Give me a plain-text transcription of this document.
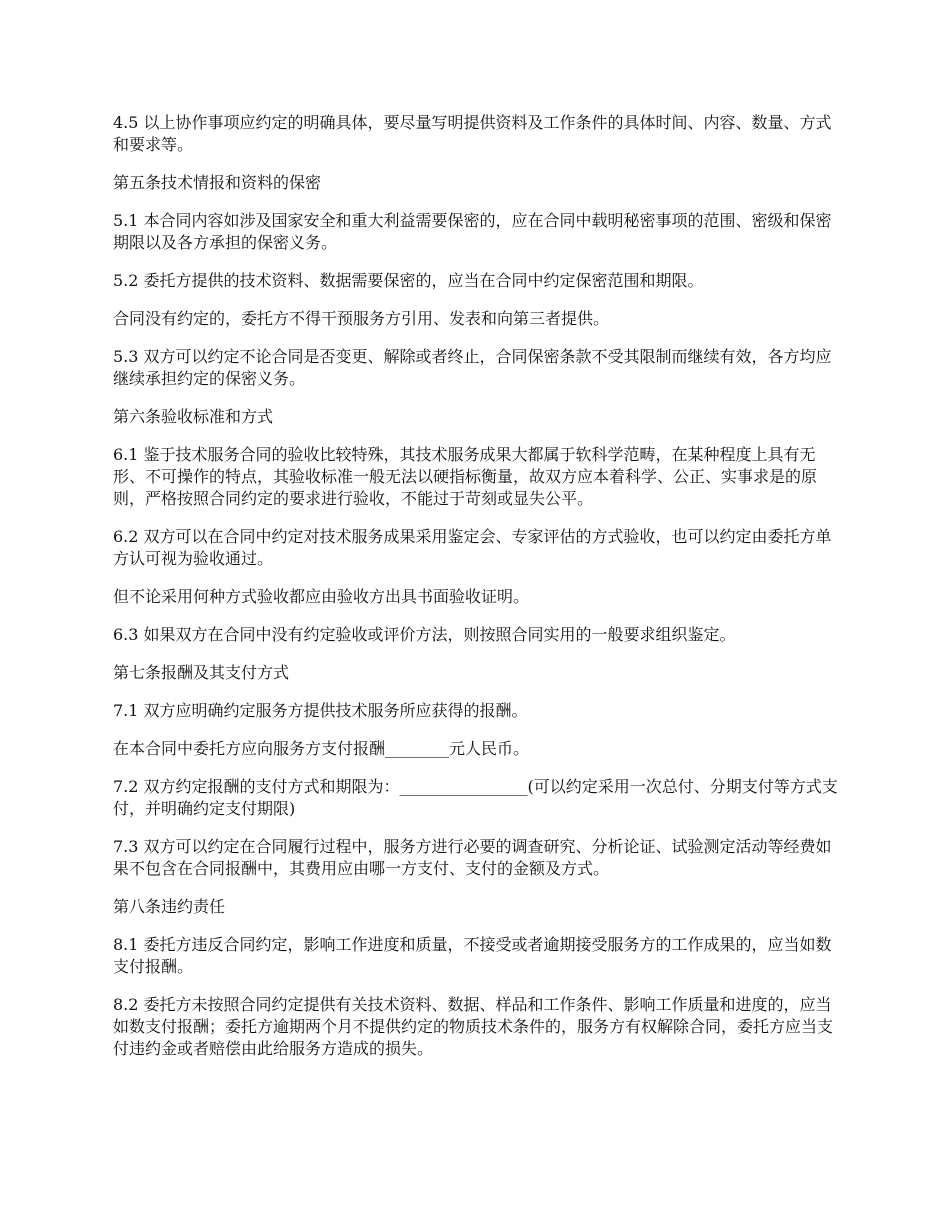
4.5 以上协作事项应约定的明确具体，要尽量写明提供资料及工作条件的具体时间、内容、数量、方式和要求等。

第五条技术情报和资料的保密

5.1 本合同内容如涉及国家安全和重大利益需要保密的，应在合同中载明秘密事项的范围、密级和保密期限以及各方承担的保密义务。

5.2 委托方提供的技术资料、数据需要保密的，应当在合同中约定保密范围和期限。

合同没有约定的，委托方不得干预服务方引用、发表和向第三者提供。

5.3 双方可以约定不论合同是否变更、解除或者终止，合同保密条款不受其限制而继续有效，各方均应继续承担约定的保密义务。

第六条验收标准和方式

6.1 鉴于技术服务合同的验收比较特殊，其技术服务成果大都属于软科学范畴，在某种程度上具有无形、不可操作的特点，其验收标准一般无法以硬指标衡量，故双方应本着科学、公正、实事求是的原则，严格按照合同约定的要求进行验收，不能过于苛刻或显失公平。

6.2 双方可以在合同中约定对技术服务成果采用鉴定会、专家评估的方式验收，也可以约定由委托方单方认可视为验收通过。

但不论采用何种方式验收都应由验收方出具书面验收证明。

6.3 如果双方在合同中没有约定验收或评价方法，则按照合同实用的一般要求组织鉴定。

第七条报酬及其支付方式

7.1 双方应明确约定服务方提供技术服务所应获得的报酬。

在本合同中委托方应向服务方支付报酬________元人民币。

7.2 双方约定报酬的支付方式和期限为：________________(可以约定采用一次总付、分期支付等方式支付，并明确约定支付期限)

7.3 双方可以约定在合同履行过程中，服务方进行必要的调查研究、分析论证、试验测定活动等经费如果不包含在合同报酬中，其费用应由哪一方支付、支付的金额及方式。

第八条违约责任

8.1 委托方违反合同约定，影响工作进度和质量，不接受或者逾期接受服务方的工作成果的，应当如数支付报酬。

8.2 委托方未按照合同约定提供有关技术资料、数据、样品和工作条件、影响工作质量和进度的，应当如数支付报酬；委托方逾期两个月不提供约定的物质技术条件的，服务方有权解除合同，委托方应当支付违约金或者赔偿由此给服务方造成的损失。
